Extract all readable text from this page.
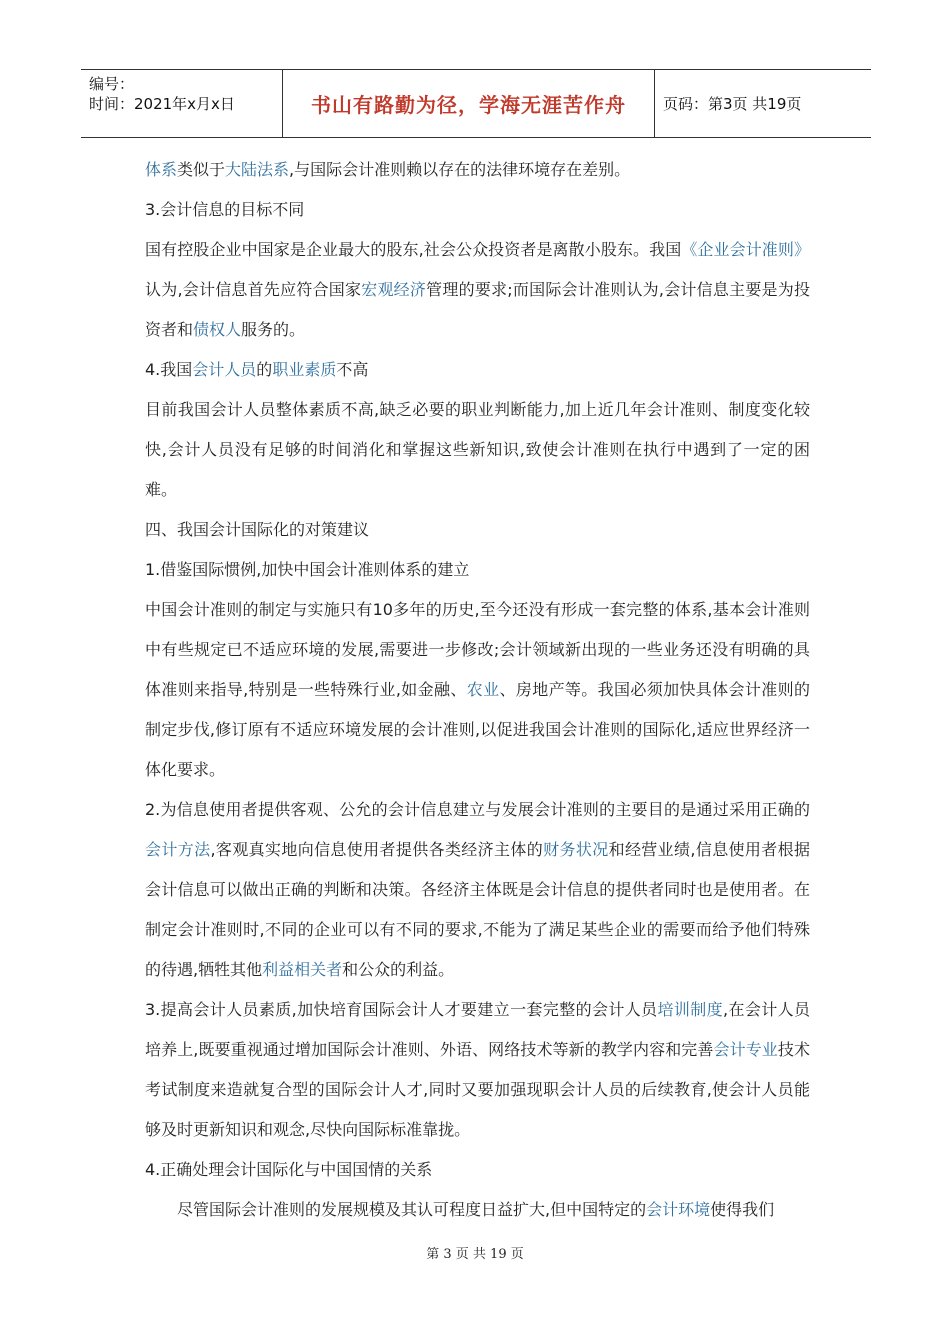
编号：
时间：2021年x月x日	书山有路勤为径，学海无涯苦作舟 页码：第3页 共19页

体系类似于大陆法系,与国际会计准则赖以存在的法律环境存在差别。

3.会计信息的目标不同

国有控股企业中国家是企业最大的股东,社会公众投资者是离散小股东。我国《企业会计准则》认为,会计信息首先应符合国家宏观经济管理的要求;而国际会计准则认为,会计信息主要是为投资者和债权人服务的。

4.我国会计人员的职业素质不高

目前我国会计人员整体素质不高,缺乏必要的职业判断能力,加上近几年会计准则、制度变化较快,会计人员没有足够的时间消化和掌握这些新知识,致使会计准则在执行中遇到了一定的困难。

四、我国会计国际化的对策建议

1.借鉴国际惯例,加快中国会计准则体系的建立

中国会计准则的制定与实施只有10多年的历史,至今还没有形成一套完整的体系,基本会计准则中有些规定已不适应环境的发展,需要进一步修改;会计领域新出现的一些业务还没有明确的具体准则来指导,特别是一些特殊行业,如金融、农业、房地产等。我国必须加快具体会计准则的制定步伐,修订原有不适应环境发展的会计准则,以促进我国会计准则的国际化,适应世界经济一体化要求。

2.为信息使用者提供客观、公允的会计信息建立与发展会计准则的主要目的是通过采用正确的会计方法,客观真实地向信息使用者提供各类经济主体的财务状况和经营业绩,信息使用者根据会计信息可以做出正确的判断和决策。各经济主体既是会计信息的提供者同时也是使用者。在制定会计准则时,不同的企业可以有不同的要求,不能为了满足某些企业的需要而给予他们特殊的待遇,牺牲其他利益相关者和公众的利益。

3.提高会计人员素质,加快培育国际会计人才要建立一套完整的会计人员培训制度,在会计人员培养上,既要重视通过增加国际会计准则、外语、网络技术等新的教学内容和完善会计专业技术考试制度来造就复合型的国际会计人才,同时又要加强现职会计人员的后续教育,使会计人员能够及时更新知识和观念,尽快向国际标准靠拢。

4.正确处理会计国际化与中国国情的关系

尽管国际会计准则的发展规模及其认可程度日益扩大,但中国特定的会计环境使得我们

第 3 页 共 19 页
